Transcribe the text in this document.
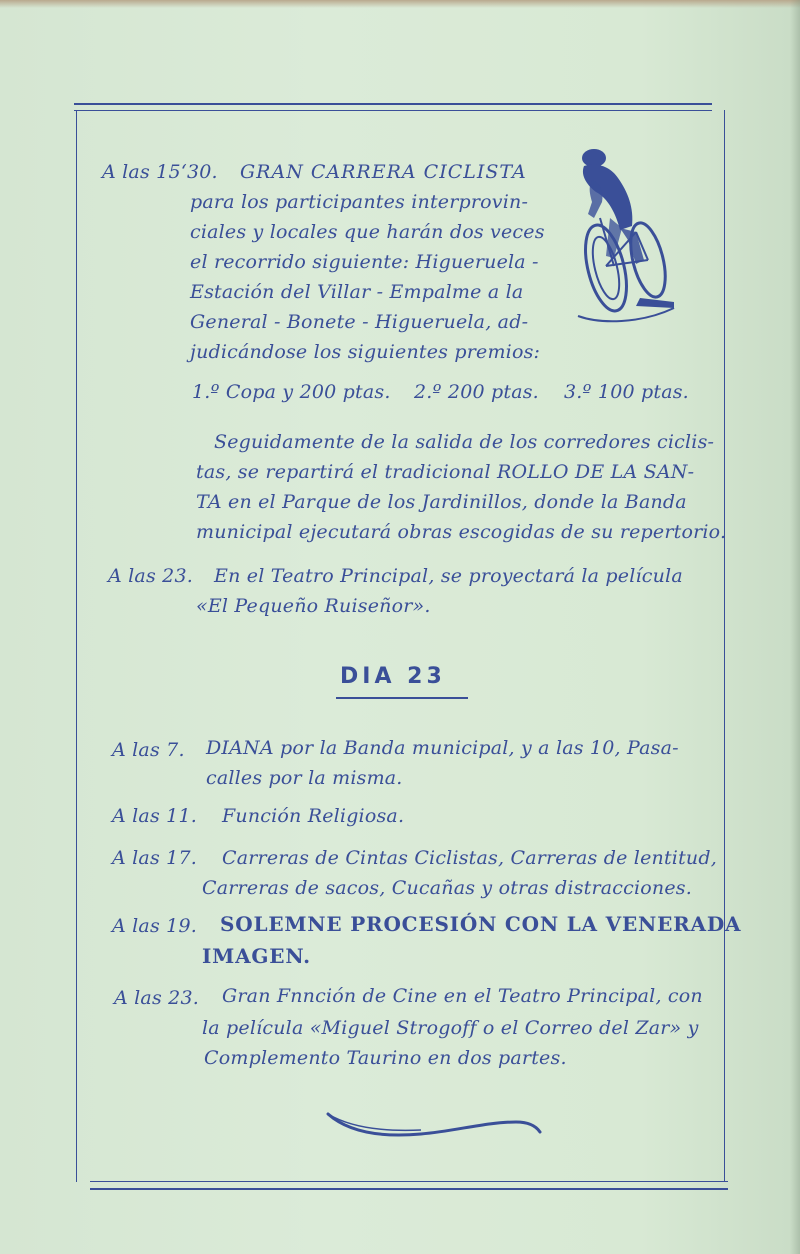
A las 15‘30. GRAN CARRERA CICLISTA
para los participantes interprovin-
ciales y locales que harán dos veces
el recorrido siguiente: Higueruela -
Estación del Villar - Empalme a la
General - Bonete - Higueruela, ad-
judicándose los siguientes premios:
1.º Copa y 200 ptas. 2.º 200 ptas. 3.º 100 ptas.
Seguidamente de la salida de los corredores ciclis-
tas, se repartirá el tradicional ROLLO DE LA SAN-
TA en el Parque de los Jardinillos, donde la Banda
municipal ejecutará obras escogidas de su repertorio.
A las 23. En el Teatro Principal, se proyectará la película
«El Pequeño Ruiseñor».
DIA 23
A las 7. DIANA por la Banda municipal, y a las 10, Pasa-
calles por la misma.
A las 11. Función Religiosa.
A las 17. Carreras de Cintas Ciclistas, Carreras de lentitud,
Carreras de sacos, Cucañas y otras distracciones.
A las 19. SOLEMNE PROCESIÓN CON LA VENERADA
IMAGEN.
A las 23. Gran Fnnción de Cine en el Teatro Principal, con
la película «Miguel Strogoff o el Correo del Zar» y
Complemento Taurino en dos partes.
